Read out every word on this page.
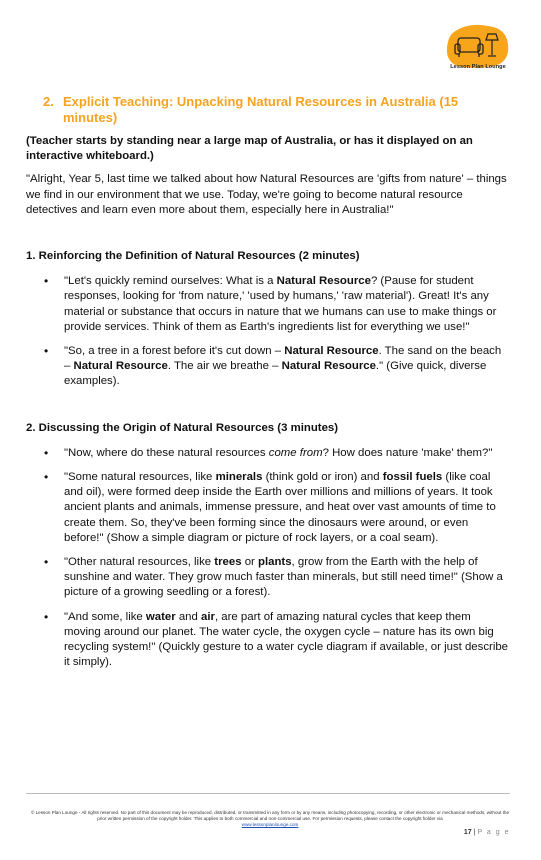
Lesson Plan Lounge
2. Explicit Teaching: Unpacking Natural Resources in Australia (15 minutes)

(Teacher starts by standing near a large map of Australia, or has it displayed on an interactive whiteboard.)

"Alright, Year 5, last time we talked about how Natural Resources are 'gifts from nature' – things we find in our environment that we use. Today, we're going to become natural resource detectives and learn even more about them, especially here in Australia!"

1. Reinforcing the Definition of Natural Resources (2 minutes)

• "Let's quickly remind ourselves: What is a Natural Resource? (Pause for student responses, looking for 'from nature,' 'used by humans,' 'raw material'). Great! It's any material or substance that occurs in nature that we humans can use to make things or provide services. Think of them as Earth's ingredients list for everything we use!"
• "So, a tree in a forest before it's cut down – Natural Resource. The sand on the beach – Natural Resource. The air we breathe – Natural Resource." (Give quick, diverse examples).

2. Discussing the Origin of Natural Resources (3 minutes)

• "Now, where do these natural resources come from? How does nature 'make' them?"
• "Some natural resources, like minerals (think gold or iron) and fossil fuels (like coal and oil), were formed deep inside the Earth over millions and millions of years. It took ancient plants and animals, immense pressure, and heat over vast amounts of time to create them. So, they've been forming since the dinosaurs were around, or even before!" (Show a simple diagram or picture of rock layers, or a coal seam).
• "Other natural resources, like trees or plants, grow from the Earth with the help of sunshine and water. They grow much faster than minerals, but still need time!" (Show a picture of a growing seedling or a forest).
• "And some, like water and air, are part of amazing natural cycles that keep them moving around our planet. The water cycle, the oxygen cycle – nature has its own big recycling system!" (Quickly gesture to a water cycle diagram if available, or just describe it simply).
© Lesson Plan Lounge - All rights reserved. No part of this document may be reproduced, distributed, or transmitted in any form or by any means, including photocopying, recording, or other electronic or mechanical methods, without the prior written permission of the copyright holder. This applies to both commercial and non-commercial use. For permission requests, please contact the copyright holder via
www.lessonplanlounge.com
17 | P a g e
